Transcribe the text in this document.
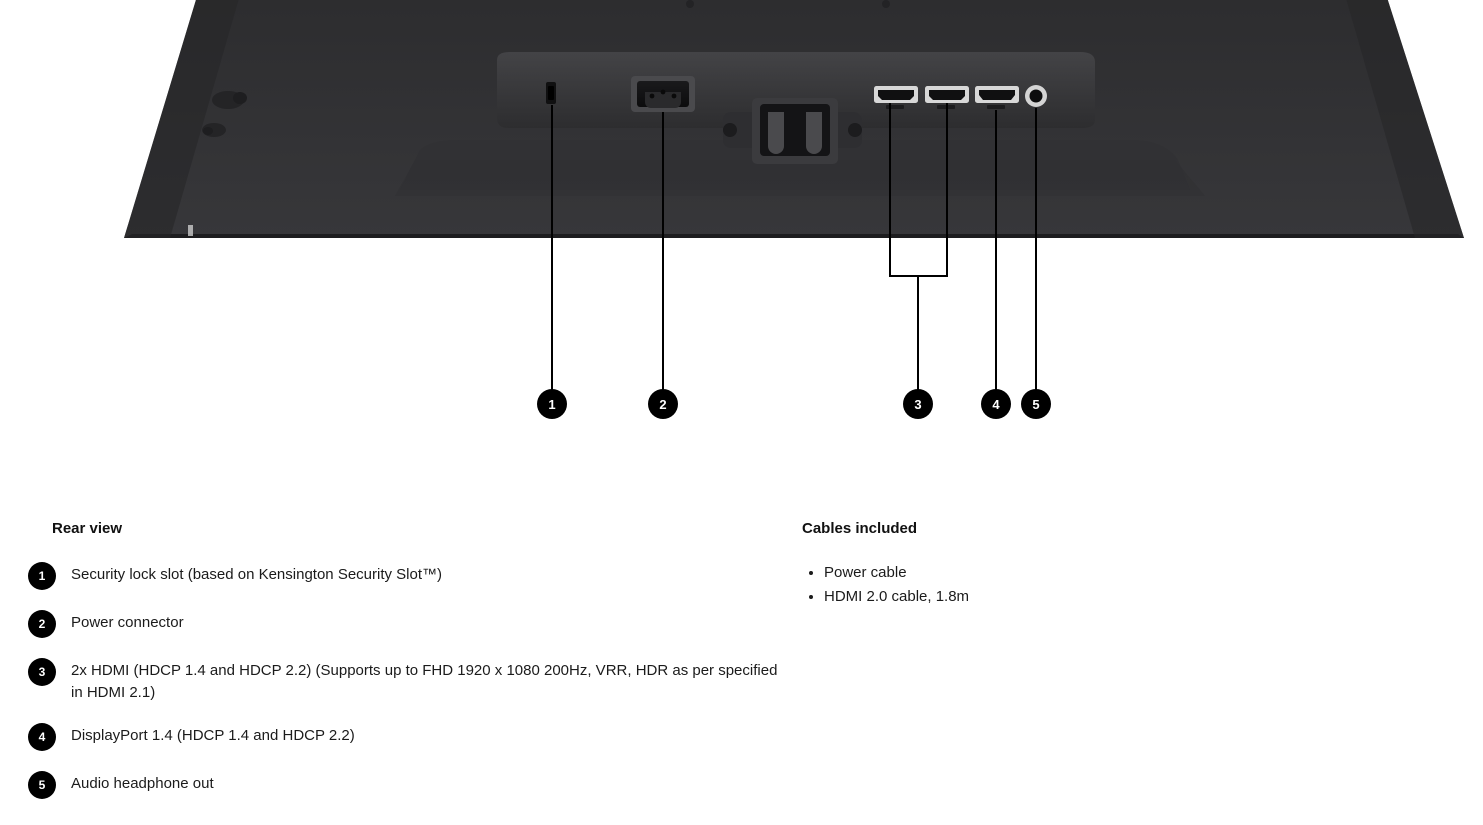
1	2	3	4	5
Rear view
1	Security lock slot (based on Kensington Security Slot™)
2	Power connector
3	2x HDMI (HDCP 1.4 and HDCP 2.2) (Supports up to FHD 1920 x 1080 200Hz, VRR, HDR as per specified in HDMI 2.1)
4	DisplayPort 1.4 (HDCP 1.4 and HDCP 2.2)
5	Audio headphone out
Cables included
• Power cable
• HDMI 2.0 cable, 1.8m
